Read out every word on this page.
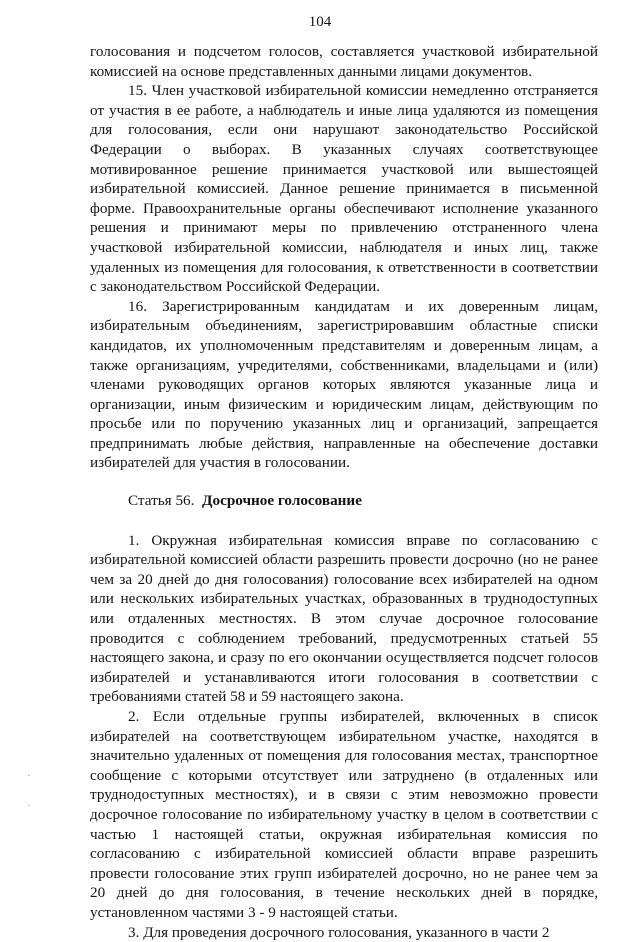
104

голосования и подсчетом голосов, составляется участковой избирательной комиссией на основе представленных данными лицами документов.

15. Член участковой избирательной комиссии немедленно отстраняется от участия в ее работе, а наблюдатель и иные лица удаляются из помещения для голосования, если они нарушают законодательство Российской Федерации о выборах. В указанных случаях соответствующее мотивированное решение принимается участковой или вышестоящей избирательной комиссией. Данное решение принимается в письменной форме. Правоохранительные органы обеспечивают исполнение указанного решения и принимают меры по привлечению отстраненного члена участковой избирательной комиссии, наблюдателя и иных лиц, также удаленных из помещения для голосования, к ответственности в соответствии с законодательством Российской Федерации.

16. Зарегистрированным кандидатам и их доверенным лицам, избирательным объединениям, зарегистрировавшим областные списки кандидатов, их уполномоченным представителям и доверенным лицам, а также организациям, учредителями, собственниками, владельцами и (или) членами руководящих органов которых являются указанные лица и организации, иным физическим и юридическим лицам, действующим по просьбе или по поручению указанных лиц и организаций, запрещается предпринимать любые действия, направленные на обеспечение доставки избирателей для участия в голосовании.

Статья 56. Досрочное голосование

1. Окружная избирательная комиссия вправе по согласованию с избирательной комиссией области разрешить провести досрочно (но не ранее чем за 20 дней до дня голосования) голосование всех избирателей на одном или нескольких избирательных участках, образованных в труднодоступных или отдаленных местностях. В этом случае досрочное голосование проводится с соблюдением требований, предусмотренных статьей 55 настоящего закона, и сразу по его окончании осуществляется подсчет голосов избирателей и устанавливаются итоги голосования в соответствии с требованиями статей 58 и 59 настоящего закона.

2. Если отдельные группы избирателей, включенных в список избирателей на соответствующем избирательном участке, находятся в значительно удаленных от помещения для голосования местах, транспортное сообщение с которыми отсутствует или затруднено (в отдаленных или труднодоступных местностях), и в связи с этим невозможно провести досрочное голосование по избирательному участку в целом в соответствии с частью 1 настоящей статьи, окружная избирательная комиссия по согласованию с избирательной комиссией области вправе разрешить провести голосование этих групп избирателей досрочно, но не ранее чем за 20 дней до дня голосования, в течение нескольких дней в порядке, установленном частями 3 - 9 настоящей статьи.

3. Для проведения досрочного голосования, указанного в части 2

·
·
